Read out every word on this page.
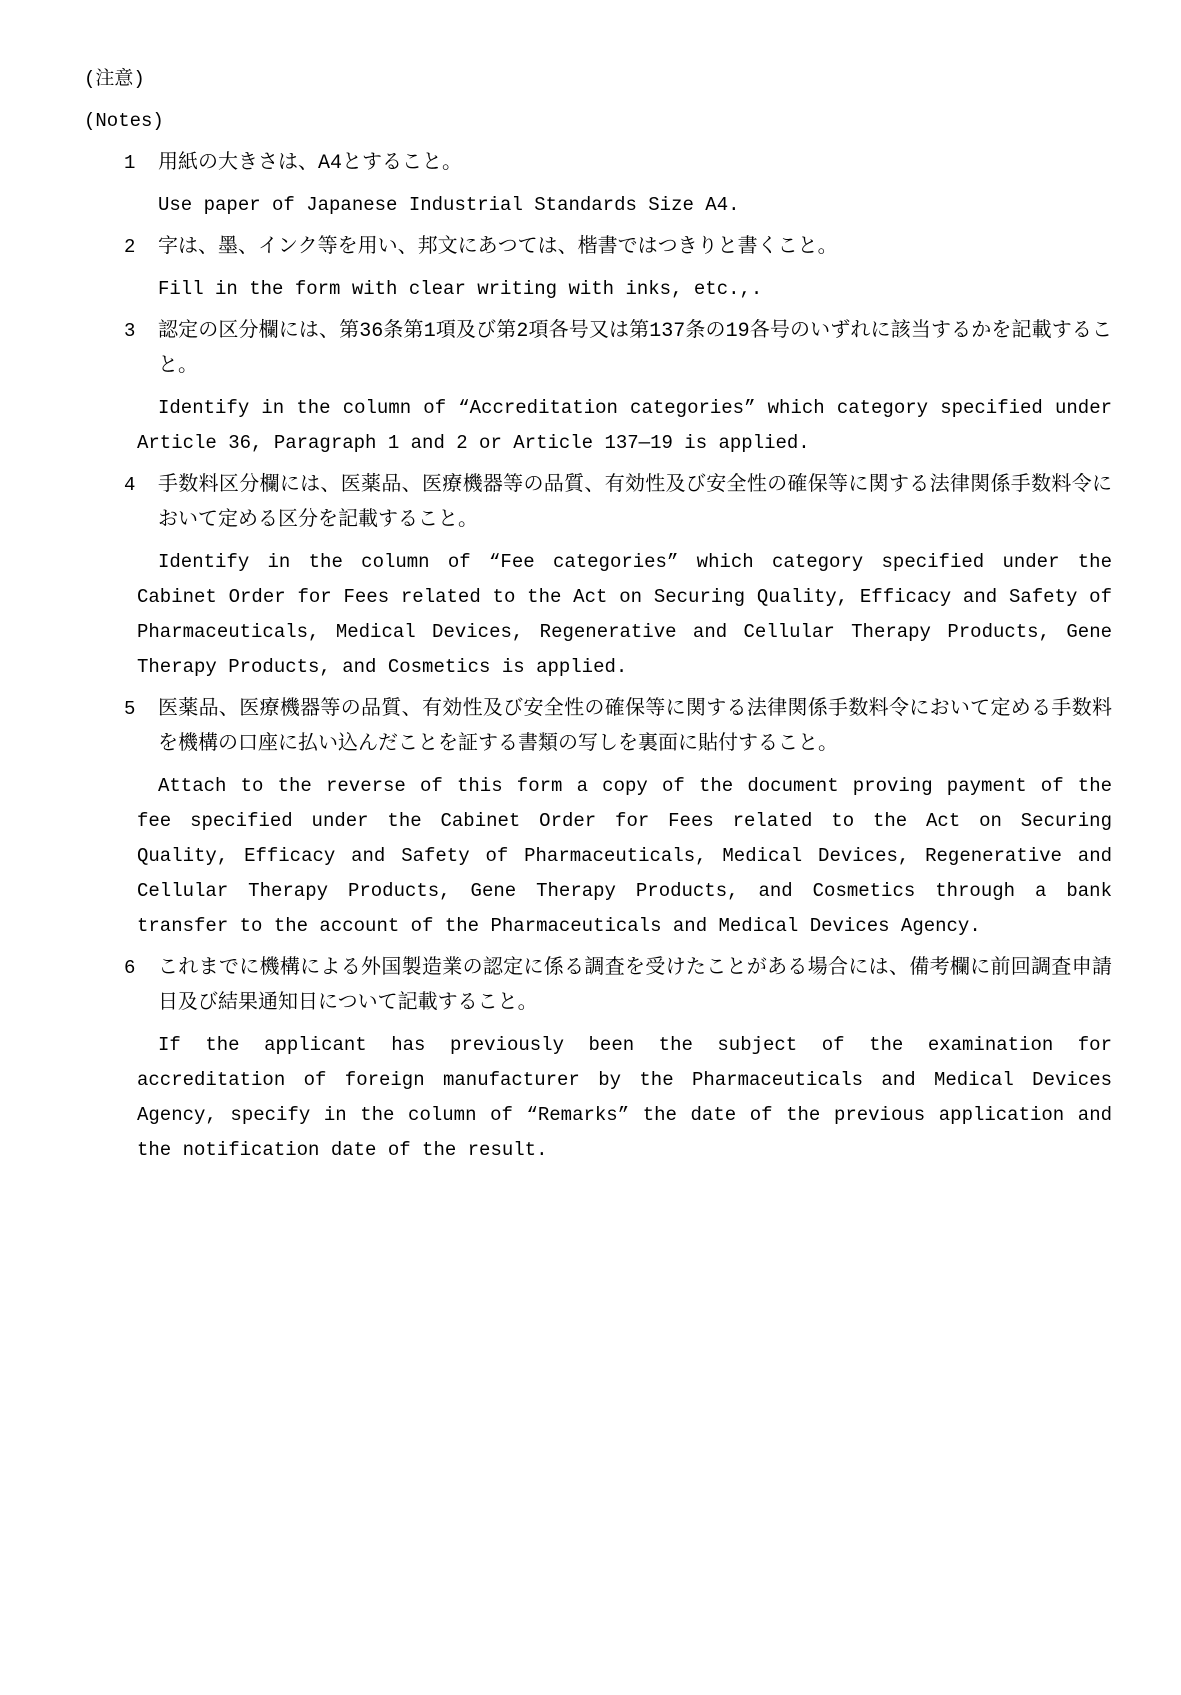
(注意)
(Notes)
1	用紙の大きさは、A4とすること。
Use paper of Japanese Industrial Standards Size A4.
2	字は、墨、インク等を用い、邦文にあつては、楷書ではつきりと書くこと。
Fill in the form with clear writing with inks, etc.,.
3	認定の区分欄には、第36条第1項及び第2項各号又は第137条の19各号のいずれに該当するかを記載すること。
Identify in the column of “Accreditation categories” which category specified under Article 36, Paragraph 1 and 2 or Article 137—19 is applied.
4	手数料区分欄には、医薬品、医療機器等の品質、有効性及び安全性の確保等に関する法律関係手数料令において定める区分を記載すること。
Identify in the column of “Fee categories” which category specified under the Cabinet Order for Fees related to the Act on Securing Quality, Efficacy and Safety of Pharmaceuticals, Medical Devices, Regenerative and Cellular Therapy Products, Gene Therapy Products, and Cosmetics is applied.
5	医薬品、医療機器等の品質、有効性及び安全性の確保等に関する法律関係手数料令において定める手数料を機構の口座に払い込んだことを証する書類の写しを裏面に貼付すること。
Attach to the reverse of this form a copy of the document proving payment of the fee specified under the Cabinet Order for Fees related to the Act on Securing Quality, Efficacy and Safety of Pharmaceuticals, Medical Devices, Regenerative and Cellular Therapy Products, Gene Therapy Products, and Cosmetics through a bank transfer to the account of the Pharmaceuticals and Medical Devices Agency.
6	これまでに機構による外国製造業の認定に係る調査を受けたことがある場合には、備考欄に前回調査申請日及び結果通知日について記載すること。
If the applicant has previously been the subject of the examination for accreditation of foreign manufacturer by the Pharmaceuticals and Medical Devices Agency, specify in the column of “Remarks” the date of the previous application and the notification date of the result.
